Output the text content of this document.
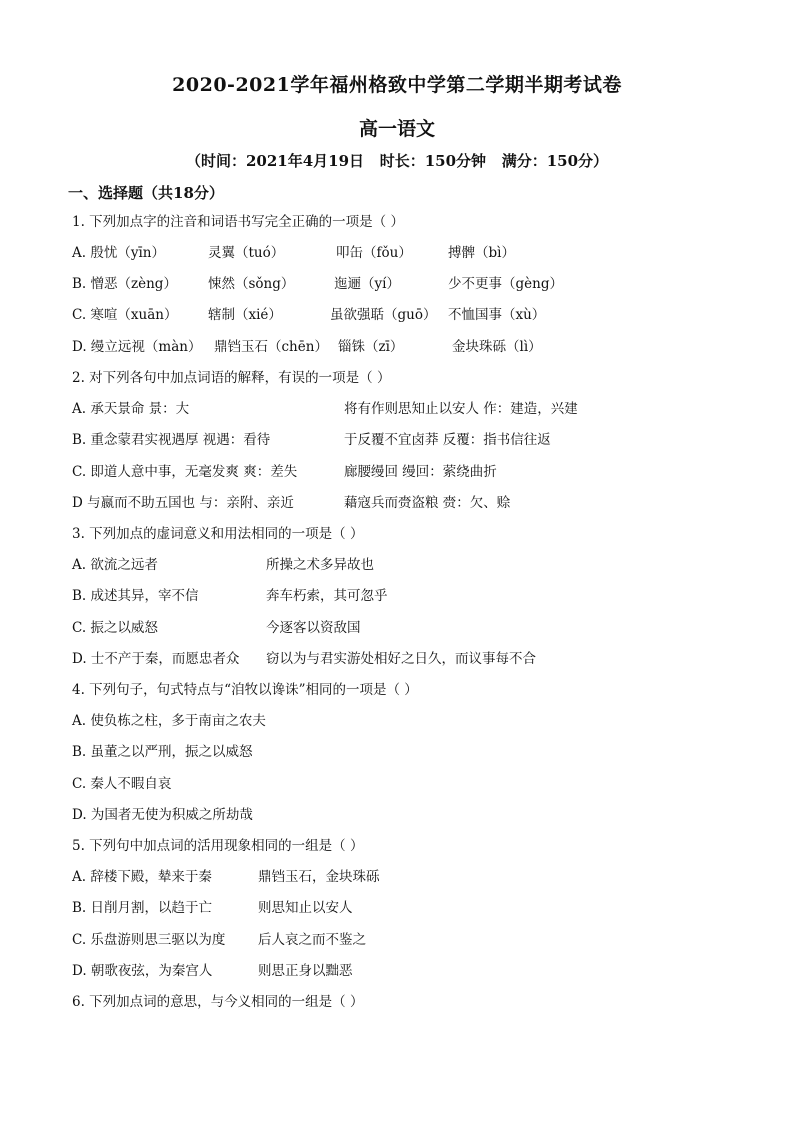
2020-2021学年福州格致中学第二学期半期考试卷
高一语文
（时间：2021年4月19日   时长：150分钟   满分：150分）
一、选择题（共18分）
1. 下列加点字的注音和词语书写完全正确的一项是（ ）
A. 殷忧（yīn）	灵翼（tuó）	叩缶（fǒu）	搏髀（bì）
B. 憎恶（zèng） 悚然（sǒng）	迤逦（yí）	少不更事（gèng）
C. 寒喧（xuān） 辖制（xié）	虽欲强聒（guō） 不恤国事（xù）
D. 缦立远视（màn） 鼎铛玉石（chēn） 锱铢（zī）	金块珠砾（lì）
2. 对下列各句中加点词语的解释，有误的一项是（ ）
A. 承天景命 景：大	将有作则思知止以安人 作：建造，兴建
B. 重念蒙君实视遇厚 视遇：看待	于反覆不宜卤莽 反覆：指书信往返
C. 即道人意中事，无毫发爽 爽：差失	廊腰缦回 缦回：萦绕曲折
D 与嬴而不助五国也 与：亲附、亲近	藉寇兵而赍盗粮 赍：欠、赊
3. 下列加点的虚词意义和用法相同的一项是（ ）
A. 欲流之远者	所操之术多异故也
B. 成述其异，宰不信	奔车朽索，其可忽乎
C. 振之以威怒	今逐客以资敌国
D. 士不产于秦，而愿忠者众 窃以为与君实游处相好之日久，而议事每不合
4. 下列句子，句式特点与“洎牧以谗诛”相同的一项是（ ）
A. 使负栋之柱，多于南亩之农夫
B. 虽董之以严刑，振之以威怒
C. 秦人不暇自哀
D. 为国者无使为积威之所劫哉
5. 下列句中加点词的活用现象相同的一组是（ ）
A. 辞楼下殿，辇来于秦	鼎铛玉石，金块珠砾
B. 日削月割，以趋于亡	则思知止以安人
C. 乐盘游则思三驱以为度 后人哀之而不鉴之
D. 朝歌夜弦，为秦宫人	则思正身以黜恶
6. 下列加点词的意思，与今义相同的一组是（ ）
